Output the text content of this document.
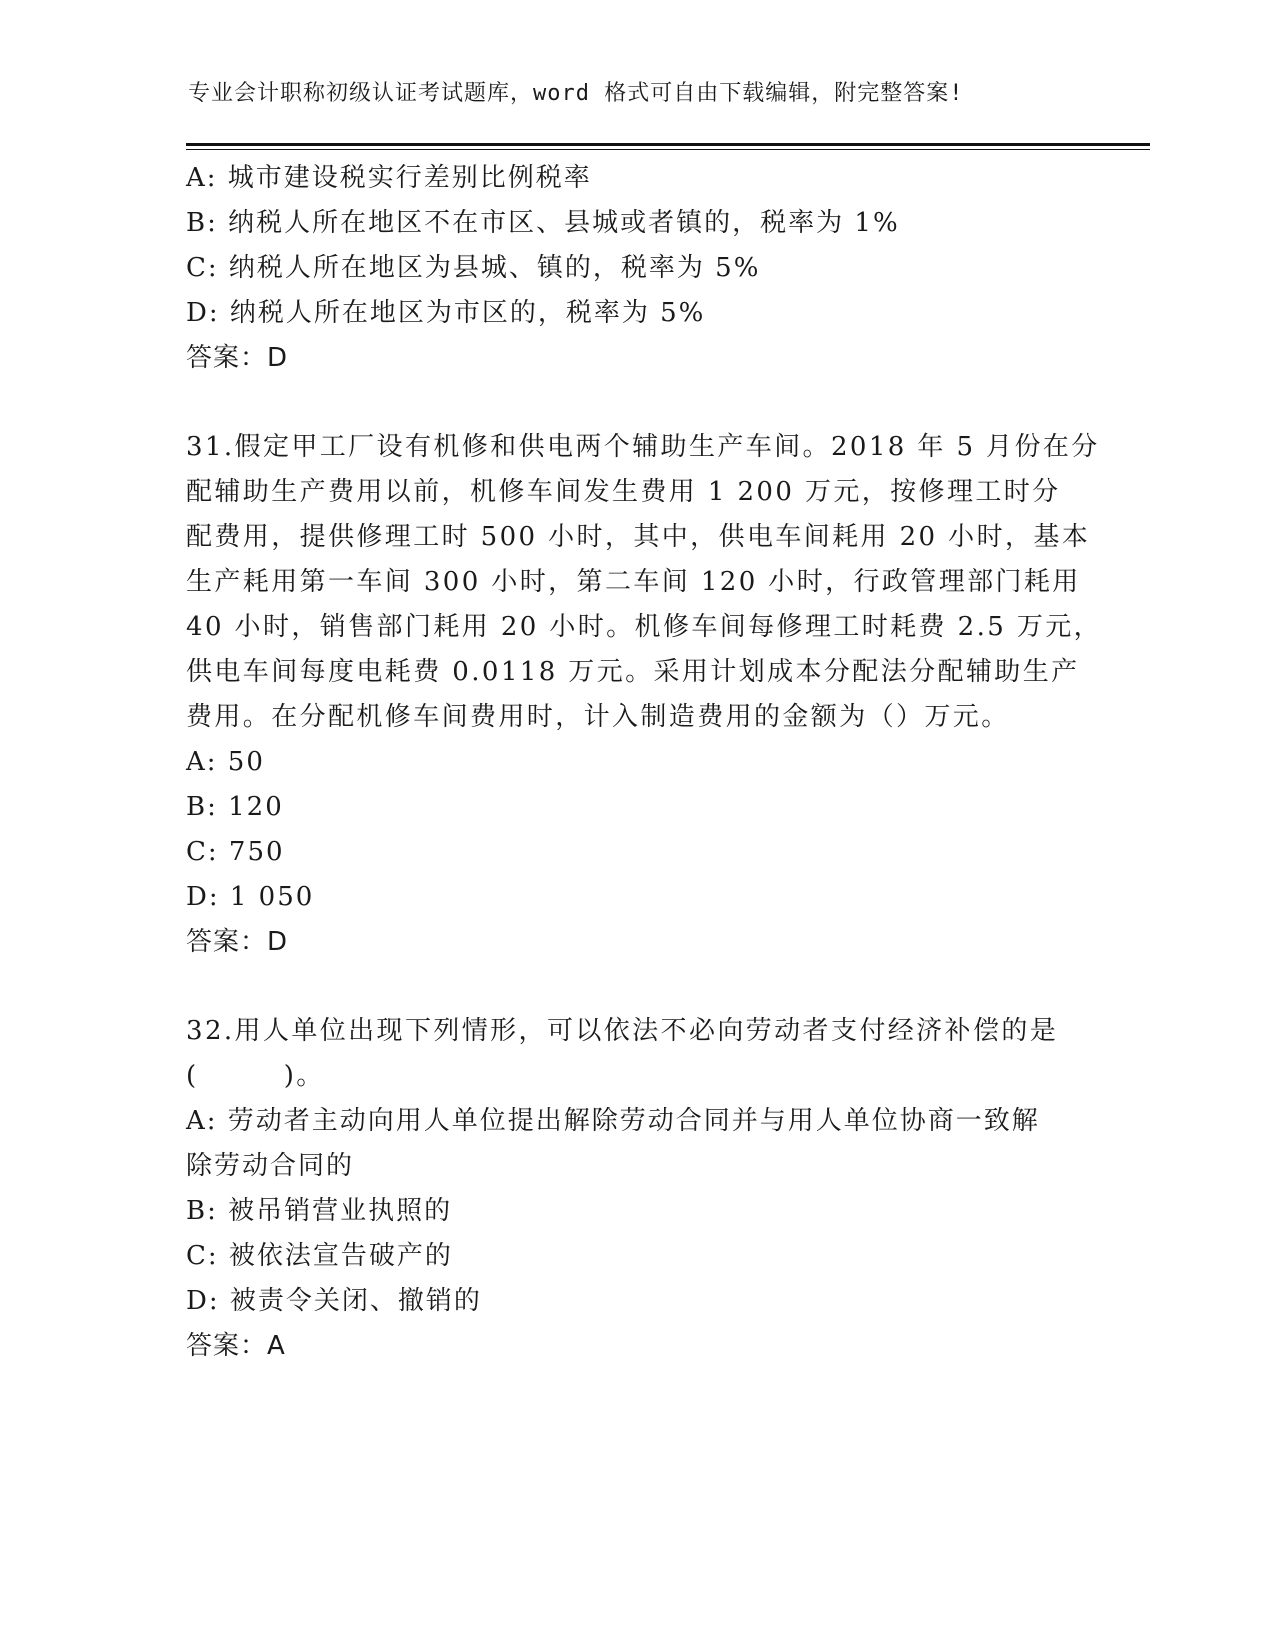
专业会计职称初级认证考试题库，word 格式可自由下载编辑，附完整答案!
A: 城市建设税实行差别比例税率
B: 纳税人所在地区不在市区、县城或者镇的，税率为 1%
C: 纳税人所在地区为县城、镇的，税率为 5%
D: 纳税人所在地区为市区的，税率为 5%
答案：D
31.假定甲工厂设有机修和供电两个辅助生产车间。2018 年 5 月份在分
配辅助生产费用以前，机修车间发生费用 1 200 万元，按修理工时分
配费用，提供修理工时 500 小时，其中，供电车间耗用 20 小时，基本
生产耗用第一车间 300 小时，第二车间 120 小时，行政管理部门耗用
40 小时，销售部门耗用 20 小时。机修车间每修理工时耗费 2.5 万元，
供电车间每度电耗费 0.0118 万元。采用计划成本分配法分配辅助生产
费用。在分配机修车间费用时，计入制造费用的金额为（）万元。
A: 50
B: 120
C: 750
D: 1 050
答案：D
32.用人单位出现下列情形，可以依法不必向劳动者支付经济补偿的是
(　　　)。
A: 劳动者主动向用人单位提出解除劳动合同并与用人单位协商一致解
除劳动合同的
B: 被吊销营业执照的
C: 被依法宣告破产的
D: 被责令关闭、撤销的
答案：A
